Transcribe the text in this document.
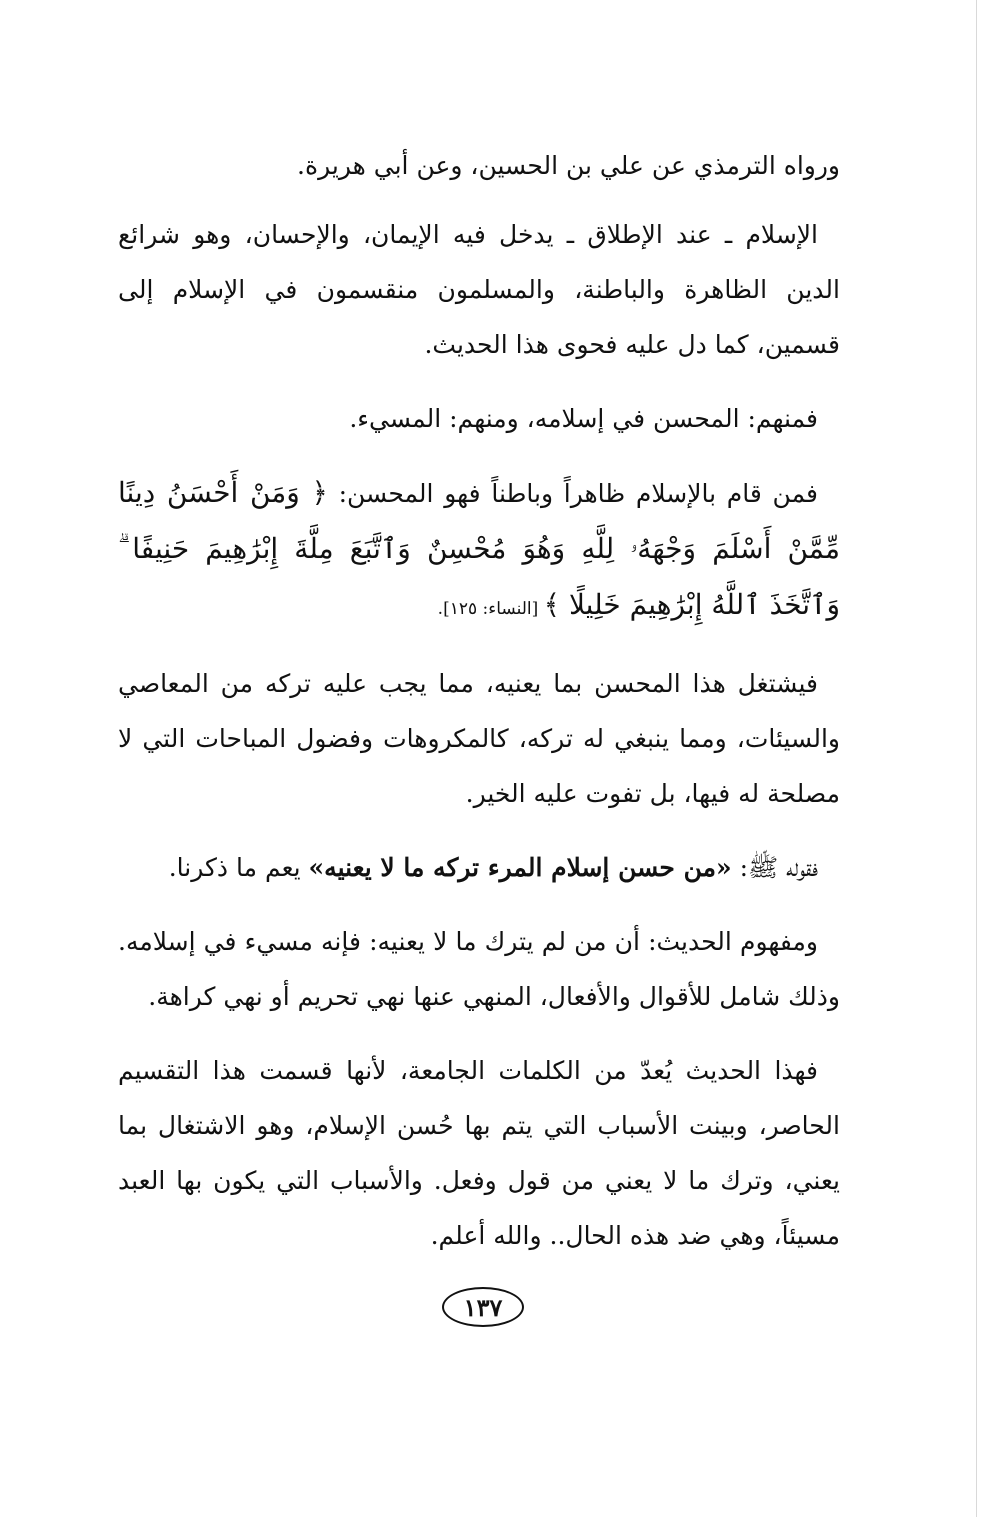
ورواه الترمذي عن علي بن الحسين، وعن أبي هريرة.

الإسلام ـ عند الإطلاق ـ يدخل فيه الإيمان، والإحسان، وهو شرائع الدين الظاهرة والباطنة، والمسلمون منقسمون في الإسلام إلى قسمين، كما دل عليه فحوى هذا الحديث.

فمنهم: المحسن في إسلامه، ومنهم: المسيء.

فمن قام بالإسلام ظاهراً وباطناً فهو المحسن: ﴿ وَمَنْ أَحْسَنُ دِينًا مِّمَّنْ أَسْلَمَ وَجْهَهُۥ لِلَّهِ وَهُوَ مُحْسِنٌ وَٱتَّبَعَ مِلَّةَ إِبْرَٰهِيمَ حَنِيفًا ۗ وَٱتَّخَذَ ٱللَّهُ إِبْرَٰهِيمَ خَلِيلًا ﴾ [النساء: ١٢٥].

فيشتغل هذا المحسن بما يعنيه، مما يجب عليه تركه من المعاصي والسيئات، ومما ينبغي له تركه، كالمكروهات وفضول المباحات التي لا مصلحة له فيها، بل تفوت عليه الخير.

فقوله ﷺ: «من حسن إسلام المرء تركه ما لا يعنيه» يعم ما ذكرنا.

ومفهوم الحديث: أن من لم يترك ما لا يعنيه: فإنه مسيء في إسلامه. وذلك شامل للأقوال والأفعال، المنهي عنها نهي تحريم أو نهي كراهة.

فهذا الحديث يُعدّ من الكلمات الجامعة، لأنها قسمت هذا التقسيم الحاصر، وبينت الأسباب التي يتم بها حُسن الإسلام، وهو الاشتغال بما يعني، وترك ما لا يعني من قول وفعل. والأسباب التي يكون بها العبد مسيئاً، وهي ضد هذه الحال.. والله أعلم.

١٣٧
